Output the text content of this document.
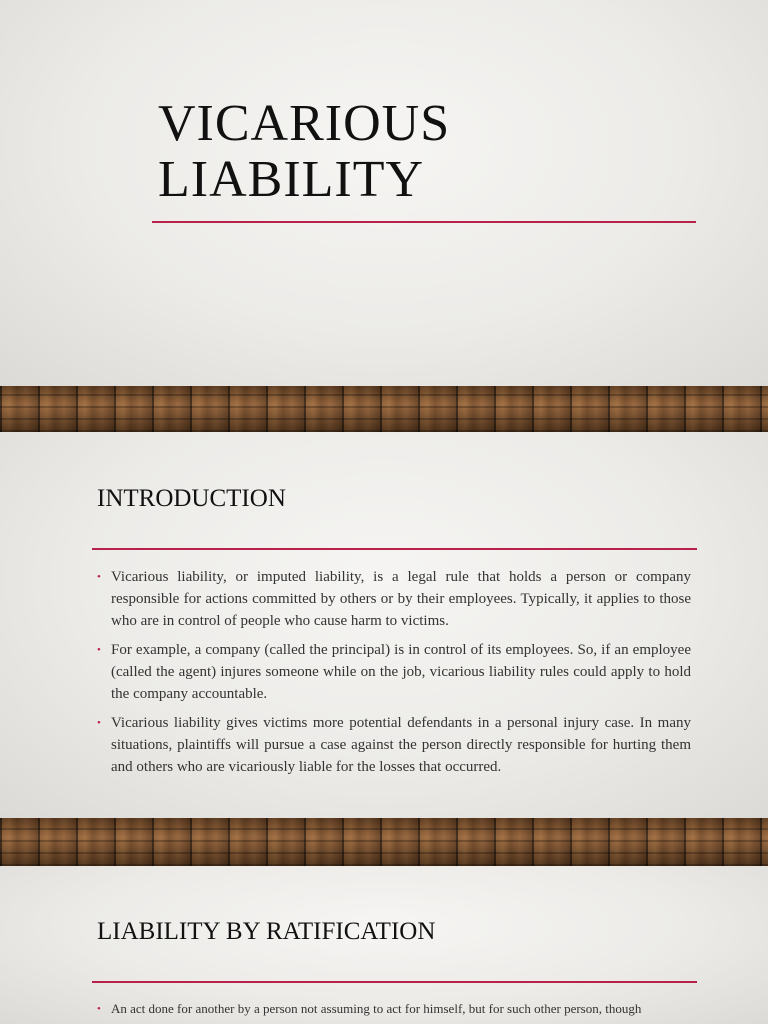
VICARIOUS
LIABILITY
INTRODUCTION
• Vicarious liability, or imputed liability, is a legal rule that holds a person or company responsible for actions committed by others or by their employees. Typically, it applies to those who are in control of people who cause harm to victims.
• For example, a company (called the principal) is in control of its employees. So, if an employee (called the agent) injures someone while on the job, vicarious liability rules could apply to hold the company accountable.
• Vicarious liability gives victims more potential defendants in a personal injury case. In many situations, plaintiffs will pursue a case against the person directly responsible for hurting them and others who are vicariously liable for the losses that occurred.
LIABILITY BY RATIFICATION
• An act done for another by a person not assuming to act for himself, but for such other person, though
